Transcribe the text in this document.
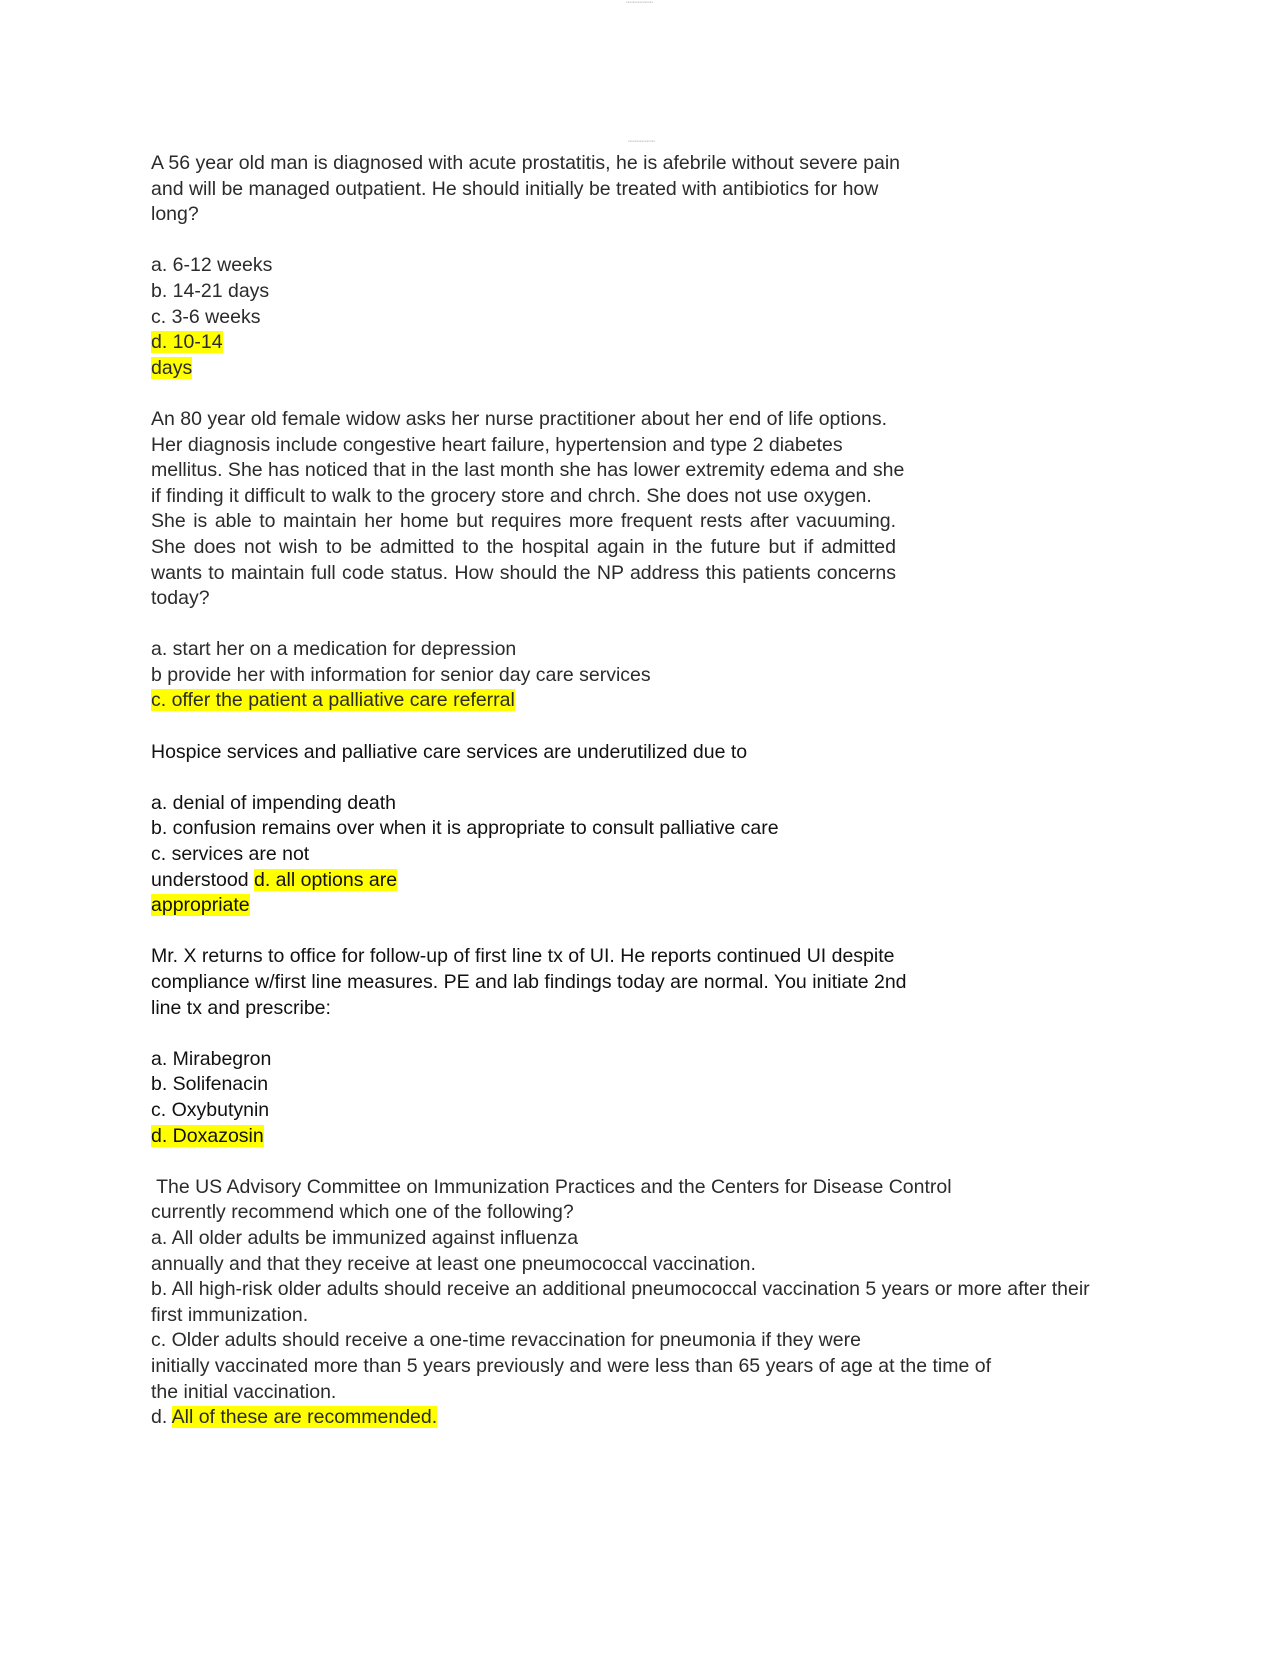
xxxxxxxxxxxxxxxx
xxxxxxxxxxxxxxxx
A 56 year old man is diagnosed with acute prostatitis, he is afebrile without severe pain
and will be managed outpatient. He should initially be treated with antibiotics for how
long?
a. 6-12 weeks
b. 14-21 days
c. 3-6 weeks
d. 10-14
days
An 80 year old female widow asks her nurse practitioner about her end of life options.
Her diagnosis include congestive heart failure, hypertension and type 2 diabetes
mellitus. She has noticed that in the last month she has lower extremity edema and she
if finding it difﬁcult to walk to the grocery store and chrch. She does not use oxygen.
She is able to maintain her home but requires more frequent rests after vacuuming.
She does not wish to be admitted to the hospital again in the future but if admitted
wants to maintain full code status. How should the NP address this patients concerns
today?
a. start her on a medication for depression
b provide her with information for senior day care services
c. offer the patient a palliative care referral
Hospice services and palliative care services are underutilized due to
a. denial of impending death
b. confusion remains over when it is appropriate to consult palliative care
c. services are not
understood d. all options are
appropriate
Mr. X returns to ofﬁce for follow-up of first line tx of UI. He reports continued UI despite
compliance w/first line measures. PE and lab findings today are normal. You initiate 2nd
line tx and prescribe:
a. Mirabegron
b. Solifenacin
c. Oxybutynin
d. Doxazosin
The US Advisory Committee on Immunization Practices and the Centers for Disease Control
currently recommend which one of the following?
a. All older adults be immunized against influenza
annually and that they receive at least one pneumococcal vaccination.
b. All high-risk older adults should receive an additional pneumococcal vaccination 5 years or more after their
first immunization.
c. Older adults should receive a one-time revaccination for pneumonia if they were
initially vaccinated more than 5 years previously and were less than 65 years of age at the time of
the initial vaccination.
d. All of these are recommended.
